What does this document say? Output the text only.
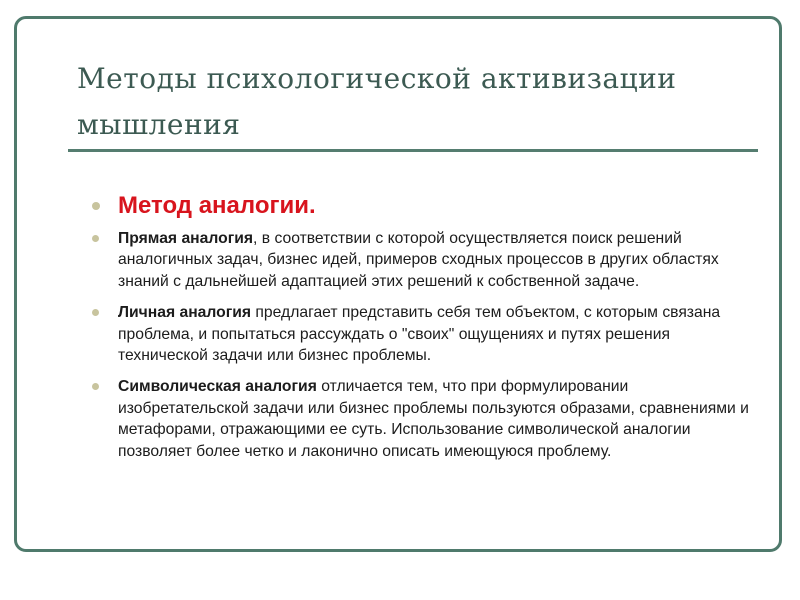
Методы психологической активизации мышления
Метод аналогии.
Прямая аналогия, в соответствии с которой осуществляется поиск решений аналогичных задач, бизнес идей, примеров сходных процессов в других областях знаний с дальнейшей адаптацией этих решений к собственной задаче.
Личная аналогия предлагает представить себя тем объектом, с которым связана проблема, и попытаться рассуждать о "своих" ощущениях и путях решения технической задачи или бизнес проблемы.
Символическая аналогия отличается тем, что при формулировании изобретательской задачи или бизнес проблемы пользуются образами, сравнениями и метафорами, отражающими ее суть. Использование символической аналогии позволяет более четко и лаконично описать имеющуюся проблему.
